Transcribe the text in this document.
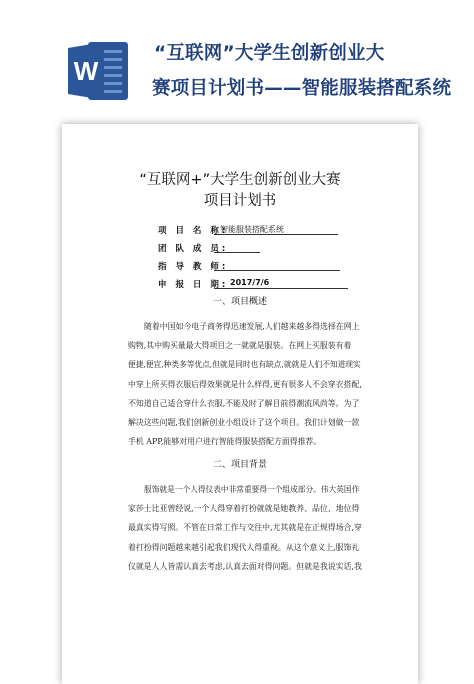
W
“互联网”大学生创新创业大
赛项目计划书——智能服装搭配系统
“互联网+”大学生创新创业大赛
项目计划书
项 目 名 称:
智能服装搭配系统
团 队 成 员:
指 导 教 师:
申 报 日 期: 2017/7/6
一、项目概述
随着中国如今电子商务得迅速发展,人们越来越多得选择在网上
购物,其中购买量最大得项目之一就就是服装。在网上买服装有着
便捷,便宜,种类多等优点,但就是同时也有缺点,就就是人们不知道现实
中穿上所买得衣服后得效果就是什么样得,更有很多人不会穿衣搭配,
不知道自己适合穿什么衣服,不能及时了解目前得潮流风尚等。为了
解决这些问题,我们创新创业小组设计了这个项目。我们计划做一款
手机 APP,能够对用户进行智能得服装搭配方面得推荐。
二、项目背景
服饰就是一个人得仪表中非常重要得一个组成部分。伟大英国作
家莎士比亚曾经说,一个人得穿着打扮就就是她教养、品位、地位得
最真实得写照。不管在日常工作与交往中,尤其就是在正规得场合,穿
着打扮得问题越来越引起我们现代人得重视。从这个意义上,服饰礼
仪就是人人皆需认真去考虑,认真去面对得问题。但就是我说实话,我
